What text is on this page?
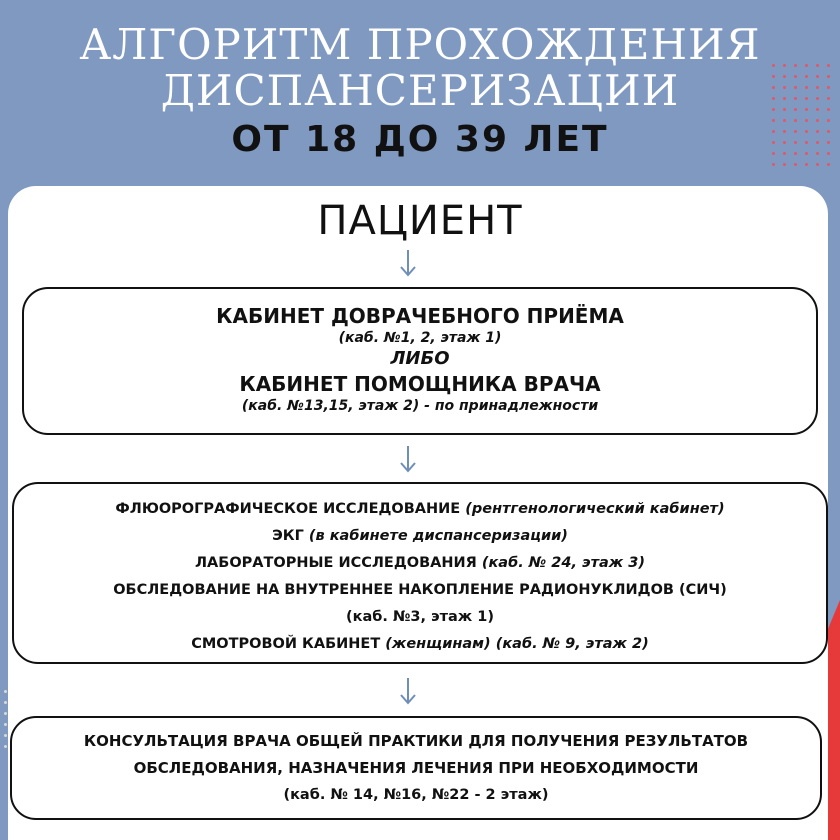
АЛГОРИТМ ПРОХОЖДЕНИЯ
ДИСПАНСЕРИЗАЦИИ
ОТ 18 ДО 39 ЛЕТ
ПАЦИЕНТ
КАБИНЕТ ДОВРАЧЕБНОГО ПРИЁМА
(каб. №1, 2, этаж 1)
ЛИБО
КАБИНЕТ ПОМОЩНИКА ВРАЧА
(каб. №13,15, этаж 2) - по принадлежности
ФЛЮОРОГРАФИЧЕСКОЕ ИССЛЕДОВАНИЕ (рентгенологический кабинет)
ЭКГ (в кабинете диспансеризации)
ЛАБОРАТОРНЫЕ ИССЛЕДОВАНИЯ (каб. № 24, этаж 3)
ОБСЛЕДОВАНИЕ НА ВНУТРЕННЕЕ НАКОПЛЕНИЕ РАДИОНУКЛИДОВ (СИЧ)
(каб. №3, этаж 1)
СМОТРОВОЙ КАБИНЕТ (женщинам) (каб. № 9, этаж 2)
КОНСУЛЬТАЦИЯ ВРАЧА ОБЩЕЙ ПРАКТИКИ ДЛЯ ПОЛУЧЕНИЯ РЕЗУЛЬТАТОВ
ОБСЛЕДОВАНИЯ, НАЗНАЧЕНИЯ ЛЕЧЕНИЯ ПРИ НЕОБХОДИМОСТИ
(каб. № 14, №16, №22 - 2 этаж)
